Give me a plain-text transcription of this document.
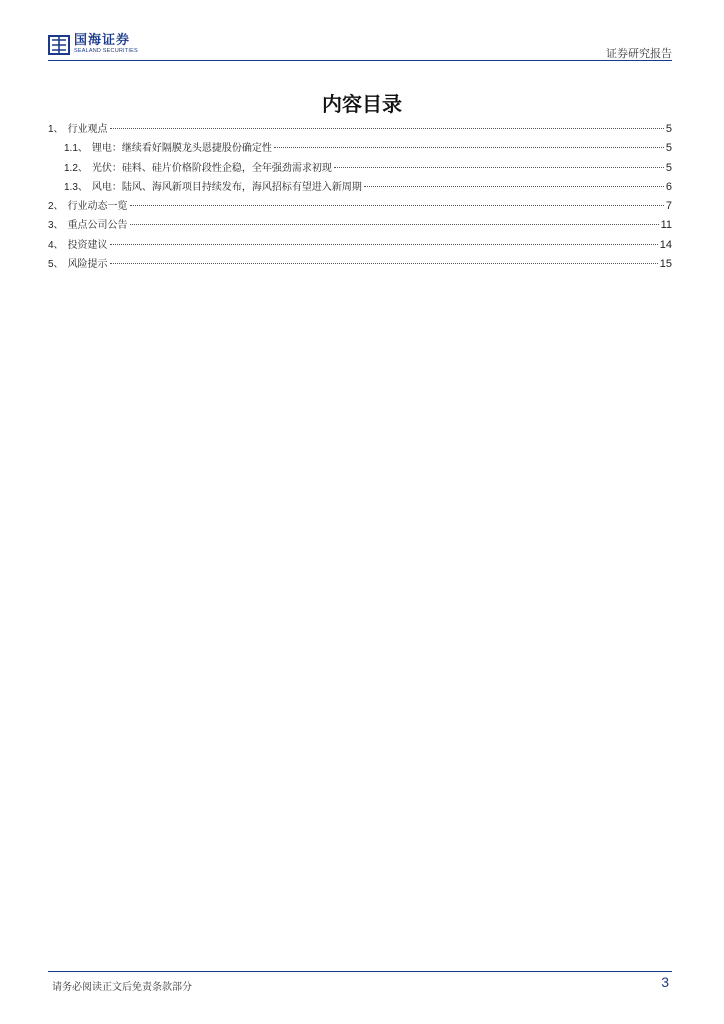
国海证券
SEALAND SECURITIES	证券研究报告
内容目录
1、 行业观点	5
1.1、 锂电：继续看好隔膜龙头恩捷股份确定性	5
1.2、 光伏：硅料、硅片价格阶段性企稳，全年强劲需求初现	5
1.3、 风电：陆风、海风新项目持续发布，海风招标有望进入新周期	6
2、 行业动态一览	7
3、 重点公司公告	11
4、 投资建议	14
5、 风险提示	15
请务必阅读正文后免责条款部分	3
